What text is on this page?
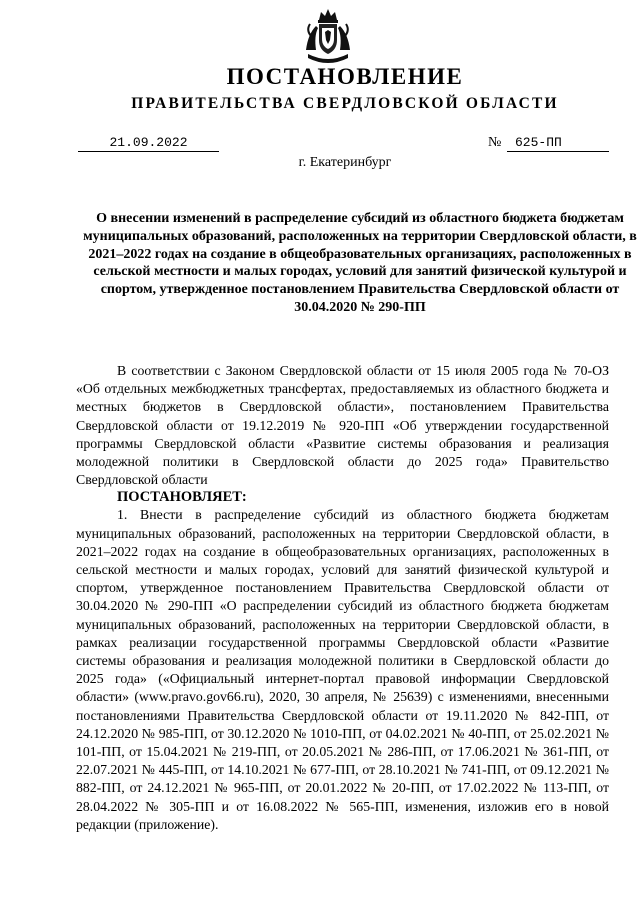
ПОСТАНОВЛЕНИЕ
ПРАВИТЕЛЬСТВА СВЕРДЛОВСКОЙ ОБЛАСТИ
21.09.2022	№	625-ПП
г. Екатеринбург
О внесении изменений в распределение субсидий из областного бюджета бюджетам муниципальных образований, расположенных на территории Свердловской области, в 2021–2022 годах на создание в общеобразовательных организациях, расположенных в сельской местности и малых городах, условий для занятий физической культурой и спортом, утвержденное постановлением Правительства Свердловской области от 30.04.2020 № 290-ПП

В соответствии с Законом Свердловской области от 15 июля 2005 года № 70-ОЗ «Об отдельных межбюджетных трансфертах, предоставляемых из областного бюджета и местных бюджетов в Свердловской области», постановлением Правительства Свердловской области от 19.12.2019 № 920-ПП «Об утверждении государственной программы Свердловской области «Развитие системы образования и реализация молодежной политики в Свердловской области до 2025 года» Правительство Свердловской области

ПОСТАНОВЛЯЕТ:

1. Внести в распределение субсидий из областного бюджета бюджетам муниципальных образований, расположенных на территории Свердловской области, в 2021–2022 годах на создание в общеобразовательных организациях, расположенных в сельской местности и малых городах, условий для занятий физической культурой и спортом, утвержденное постановлением Правительства Свердловской области от 30.04.2020 № 290-ПП «О распределении субсидий из областного бюджета бюджетам муниципальных образований, расположенных на территории Свердловской области, в рамках реализации государственной программы Свердловской области «Развитие системы образования и реализация молодежной политики в Свердловской области до 2025 года» («Официальный интернет-портал правовой информации Свердловской области» (www.pravo.gov66.ru), 2020, 30 апреля, № 25639) с изменениями, внесенными постановлениями Правительства Свердловской области от 19.11.2020 № 842-ПП, от 24.12.2020 № 985-ПП, от 30.12.2020 № 1010-ПП, от 04.02.2021 № 40-ПП, от 25.02.2021 № 101-ПП, от 15.04.2021 № 219-ПП, от 20.05.2021 № 286-ПП, от 17.06.2021 № 361-ПП, от 22.07.2021 № 445-ПП, от 14.10.2021 № 677-ПП, от 28.10.2021 № 741-ПП, от 09.12.2021 № 882-ПП, от 24.12.2021 № 965-ПП, от 20.01.2022 № 20-ПП, от 17.02.2022 № 113-ПП, от 28.04.2022 № 305-ПП и от 16.08.2022 № 565-ПП, изменения, изложив его в новой редакции (приложение).
